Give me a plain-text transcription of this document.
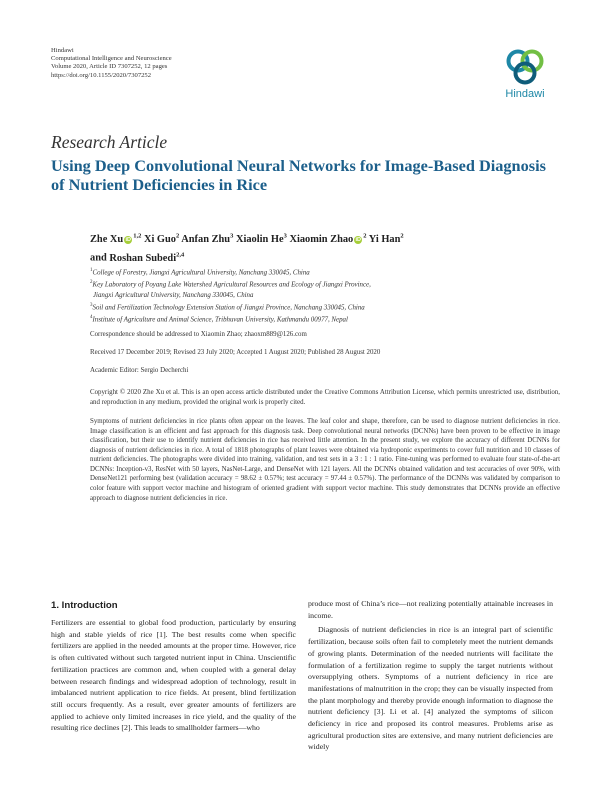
Hindawi
Computational Intelligence and Neuroscience
Volume 2020, Article ID 7307252, 12 pages
https://doi.org/10.1155/2020/7307252
Hindawi
Research Article
Using Deep Convolutional Neural Networks for Image-Based Diagnosis of Nutrient Deficiencies in Rice
Zhe Xu iD$^{1,2}$ Xi Guo$^2$ Anfan Zhu$^3$ Xiaolin He$^3$ Xiaomin Zhao $iD^2$ Yi Han$^2$
and Roshan Subedi$^{2,4}$
$^1$College of Forestry, Jiangxi Agricultural University, Nanchang 330045, China
$^2$Key Laboratory of Poyang Lake Watershed Agricultural Resources and Ecology of Jiangxi Province,
Jiangxi Agricultural University, Nanchang 330045, China
$^3$Soil and Fertilization Technology Extension Station of Jiangxi Province, Nanchang 330045, China
$^4$Institute of Agriculture and Animal Science, Tribhuvan University, Kathmandu 00977, Nepal
Correspondence should be addressed to Xiaomin Zhao; zhaoxm889@126.com
Received 17 December 2019; Revised 23 July 2020; Accepted 1 August 2020; Published 28 August 2020
Academic Editor: Sergio Decherchi
Copyright © 2020 Zhe Xu et al. This is an open access article distributed under the Creative Commons Attribution License, which permits unrestricted use, distribution, and reproduction in any medium, provided the original work is properly cited.
Symptoms of nutrient deficiencies in rice plants often appear on the leaves. The leaf color and shape, therefore, can be used to diagnose nutrient deficiencies in rice. Image classification is an efficient and fast approach for this diagnosis task. Deep convolutional neural networks (DCNNs) have been proven to be effective in image classification, but their use to identify nutrient deficiencies in rice has received little attention. In the present study, we explore the accuracy of different DCNNs for diagnosis of nutrient deficiencies in rice. A total of 1818 photographs of plant leaves were obtained via hydroponic experiments to cover full nutrition and 10 classes of nutrient deficiencies. The photographs were divided into training, validation, and test sets in a 3 : 1 : 1 ratio. Fine-tuning was performed to evaluate four state-of-the-art DCNNs: Inception-v3, ResNet with 50 layers, NasNet-Large, and DenseNet with 121 layers. All the DCNNs obtained validation and test accuracies of over 90%, with DenseNet121 performing best (validation accuracy = 98.62 ± 0.57%; test accuracy = 97.44 ± 0.57%). The performance of the DCNNs was validated by comparison to color feature with support vector machine and histogram of oriented gradient with support vector machine. This study demonstrates that DCNNs provide an effective approach to diagnose nutrient deficiencies in rice.
1. Introduction

Fertilizers are essential to global food production, particularly by ensuring high and stable yields of rice [1]. The best results come when specific fertilizers are applied in the needed amounts at the proper time. However, rice is often cultivated without such targeted nutrient input in China. Unscientific fertilization practices are common and, when coupled with a general delay between research findings and widespread adoption of technology, result in imbalanced nutrient application to rice fields. At present, blind fertilization still occurs frequently. As a result, ever greater amounts of fertilizers are applied to achieve only limited increases in rice yield, and the quality of the resulting rice declines [2]. This leads to smallholder farmers—who

produce most of China’s rice—not realizing potentially attainable increases in income.

Diagnosis of nutrient deficiencies in rice is an integral part of scientific fertilization, because soils often fail to completely meet the nutrient demands of growing plants. Determination of the needed nutrients will facilitate the formulation of a fertilization regime to supply the target nutrients without oversupplying others. Symptoms of a nutrient deficiency in rice are manifestations of malnutrition in the crop; they can be visually inspected from the plant morphology and thereby provide enough information to diagnose the nutrient deficiency [3]. Li et al. [4] analyzed the symptoms of silicon deficiency in rice and proposed its control measures. Problems arise as agricultural production sites are extensive, and many nutrient deficiencies are widely
